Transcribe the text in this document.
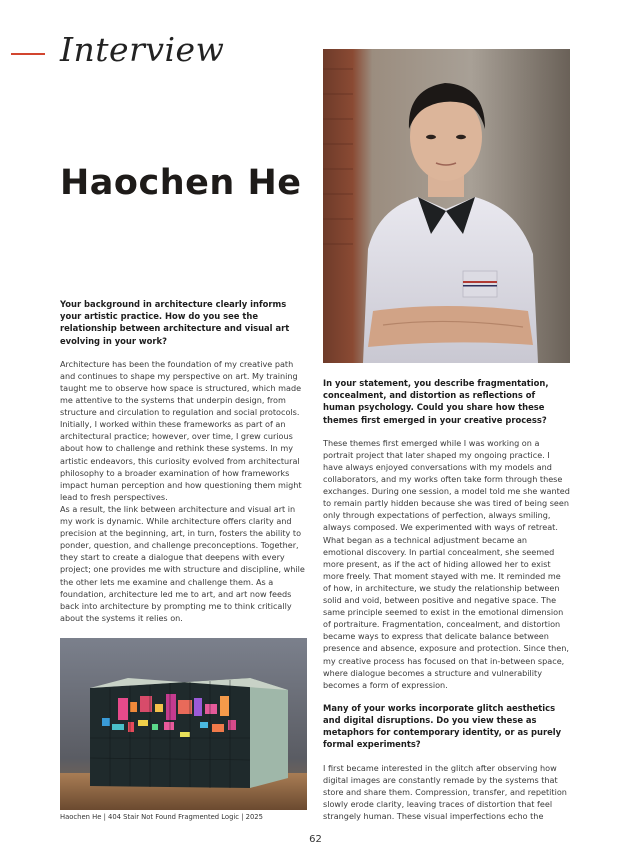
Interview
Haochen He

Your background in architecture clearly informs your artistic practice. How do you see the relationship between architecture and visual art evolving in your work?

Architecture has been the foundation of my creative path and continues to shape my perspective on art. My training taught me to observe how space is structured, which made me attentive to the systems that underpin design, from structure and circulation to regulation and social protocols. Initially, I worked within these frameworks as part of an architectural practice; however, over time, I grew curious about how to challenge and rethink these systems. In my artistic endeavors, this curiosity evolved from architectural philosophy to a broader examination of how frameworks impact human perception and how questioning them might lead to fresh perspectives.

As a result, the link between architecture and visual art in my work is dynamic. While architecture offers clarity and precision at the beginning, art, in turn, fosters the ability to ponder, question, and challenge preconceptions. Together, they start to create a dialogue that deepens with every project; one provides me with structure and discipline, while the other lets me examine and challenge them. As a foundation, architecture led me to art, and art now feeds back into architecture by prompting me to think critically about the systems it relies on.

Haochen He | 404 Stair Not Found Fragmented Logic | 2025

In your statement, you describe fragmentation, concealment, and distortion as reflections of human psychology. Could you share how these themes first emerged in your creative process?

These themes first emerged while I was working on a portrait project that later shaped my ongoing practice. I have always enjoyed conversations with my models and collaborators, and my works often take form through these exchanges. During one session, a model told me she wanted to remain partly hidden because she was tired of being seen only through expectations of perfection, always smiling, always composed. We experimented with ways of retreat. What began as a technical adjustment became an emotional discovery. In partial concealment, she seemed more present, as if the act of hiding allowed her to exist more freely. That moment stayed with me. It reminded me of how, in architecture, we study the relationship between solid and void, between positive and negative space. The same principle seemed to exist in the emotional dimension of portraiture. Fragmentation, concealment, and distortion became ways to express that delicate balance between presence and absence, exposure and protection. Since then, my creative process has focused on that in-between space, where dialogue becomes a structure and vulnerability becomes a form of expression.

Many of your works incorporate glitch aesthetics and digital disruptions. Do you view these as metaphors for contemporary identity, or as purely formal experiments?

I first became interested in the glitch after observing how digital images are constantly remade by the systems that store and share them. Compression, transfer, and repetition slowly erode clarity, leaving traces of distortion that feel strangely human. These visual imperfections echo the

62
